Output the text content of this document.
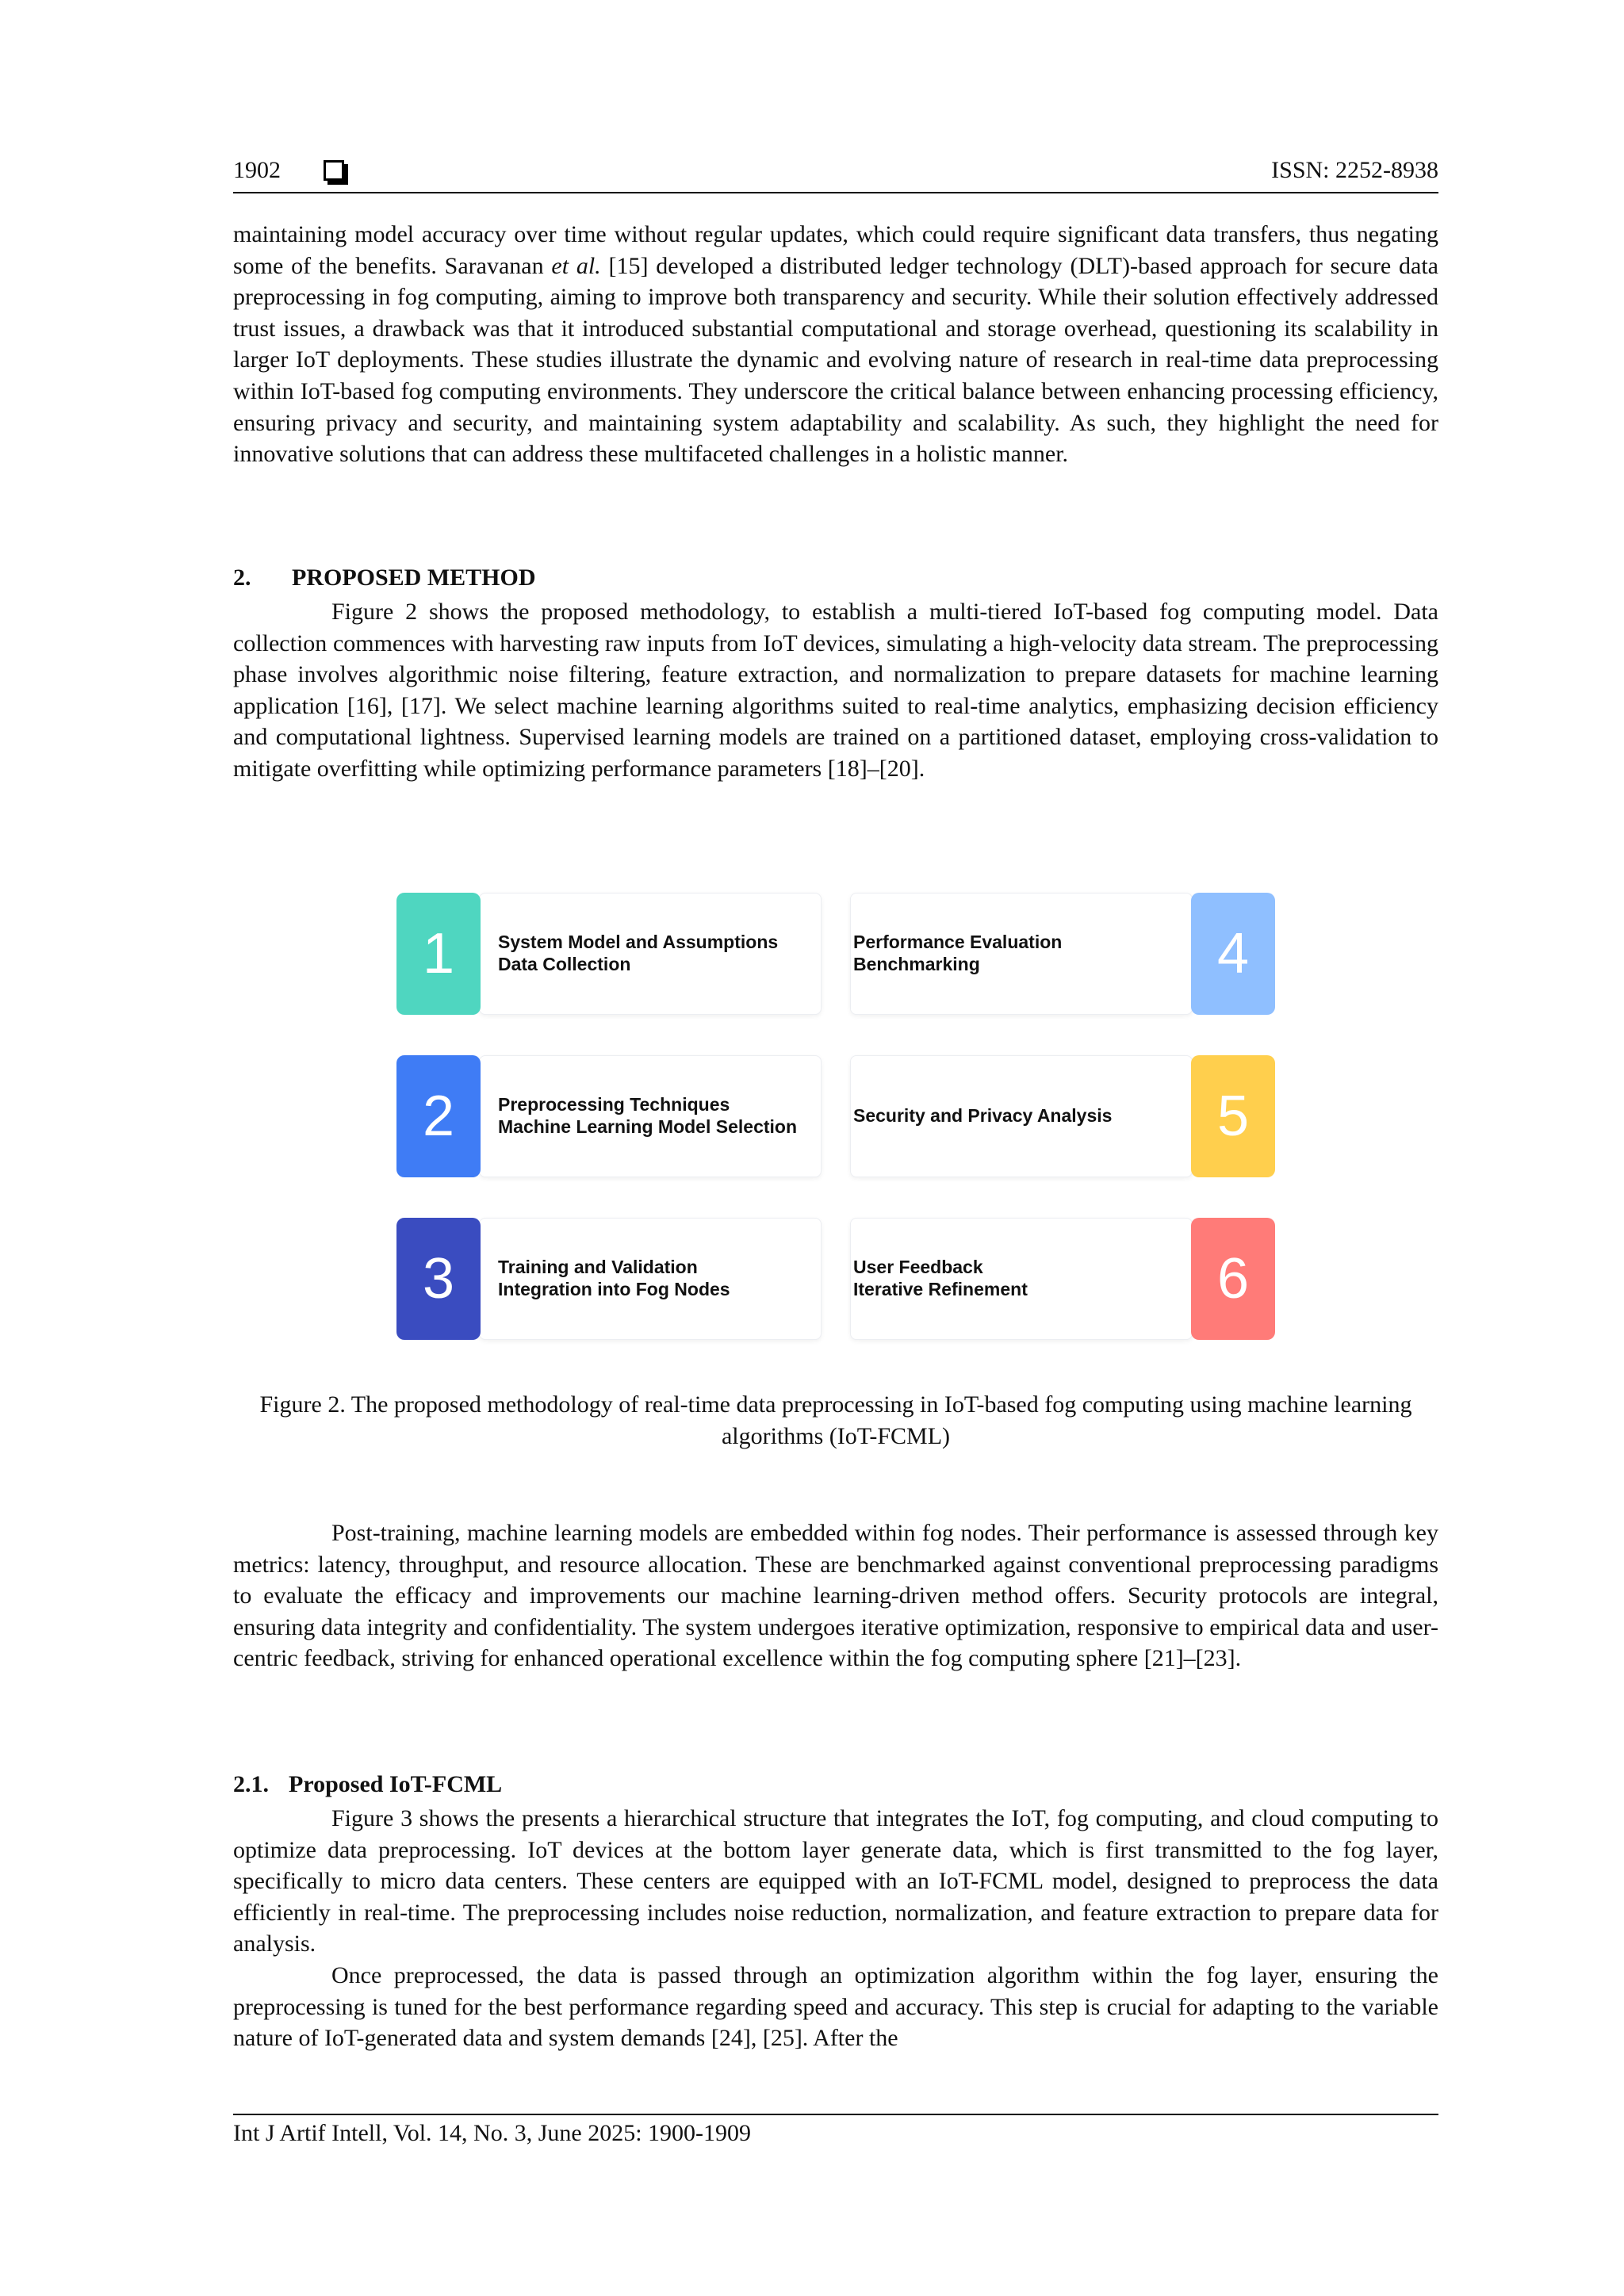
1902	ISSN: 2252-8938

maintaining model accuracy over time without regular updates, which could require significant data transfers, thus negating some of the benefits. Saravanan et al. [15] developed a distributed ledger technology (DLT)-based approach for secure data preprocessing in fog computing, aiming to improve both transparency and security. While their solution effectively addressed trust issues, a drawback was that it introduced substantial computational and storage overhead, questioning its scalability in larger IoT deployments. These studies illustrate the dynamic and evolving nature of research in real-time data preprocessing within IoT-based fog computing environments. They underscore the critical balance between enhancing processing efficiency, ensuring privacy and security, and maintaining system adaptability and scalability. As such, they highlight the need for innovative solutions that can address these multifaceted challenges in a holistic manner.

2. PROPOSED METHOD

Figure 2 shows the proposed methodology, to establish a multi-tiered IoT-based fog computing model. Data collection commences with harvesting raw inputs from IoT devices, simulating a high-velocity data stream. The preprocessing phase involves algorithmic noise filtering, feature extraction, and normalization to prepare datasets for machine learning application [16], [17]. We select machine learning algorithms suited to real-time analytics, emphasizing decision efficiency and computational lightness. Supervised learning models are trained on a partitioned dataset, employing cross-validation to mitigate overfitting while optimizing performance parameters [18]–[20].

1	System Model and Assumptions
Data Collection
2	Preprocessing Techniques
Machine Learning Model Selection
3	Training and Validation
Integration into Fog Nodes
4
Performance Evaluation
Benchmarking
5
Security and Privacy Analysis
6
User Feedback
Iterative Refinement

Figure 2. The proposed methodology of real-time data preprocessing in IoT-based fog computing using machine learning algorithms (IoT-FCML)

Post-training, machine learning models are embedded within fog nodes. Their performance is assessed through key metrics: latency, throughput, and resource allocation. These are benchmarked against conventional preprocessing paradigms to evaluate the efficacy and improvements our machine learning-driven method offers. Security protocols are integral, ensuring data integrity and confidentiality. The system undergoes iterative optimization, responsive to empirical data and user-centric feedback, striving for enhanced operational excellence within the fog computing sphere [21]–[23].

2.1. Proposed IoT-FCML

Figure 3 shows the presents a hierarchical structure that integrates the IoT, fog computing, and cloud computing to optimize data preprocessing. IoT devices at the bottom layer generate data, which is first transmitted to the fog layer, specifically to micro data centers. These centers are equipped with an IoT-FCML model, designed to preprocess the data efficiently in real-time. The preprocessing includes noise reduction, normalization, and feature extraction to prepare data for analysis.

Once preprocessed, the data is passed through an optimization algorithm within the fog layer, ensuring the preprocessing is tuned for the best performance regarding speed and accuracy. This step is crucial for adapting to the variable nature of IoT-generated data and system demands [24], [25]. After the

Int J Artif Intell, Vol. 14, No. 3, June 2025: 1900-1909
